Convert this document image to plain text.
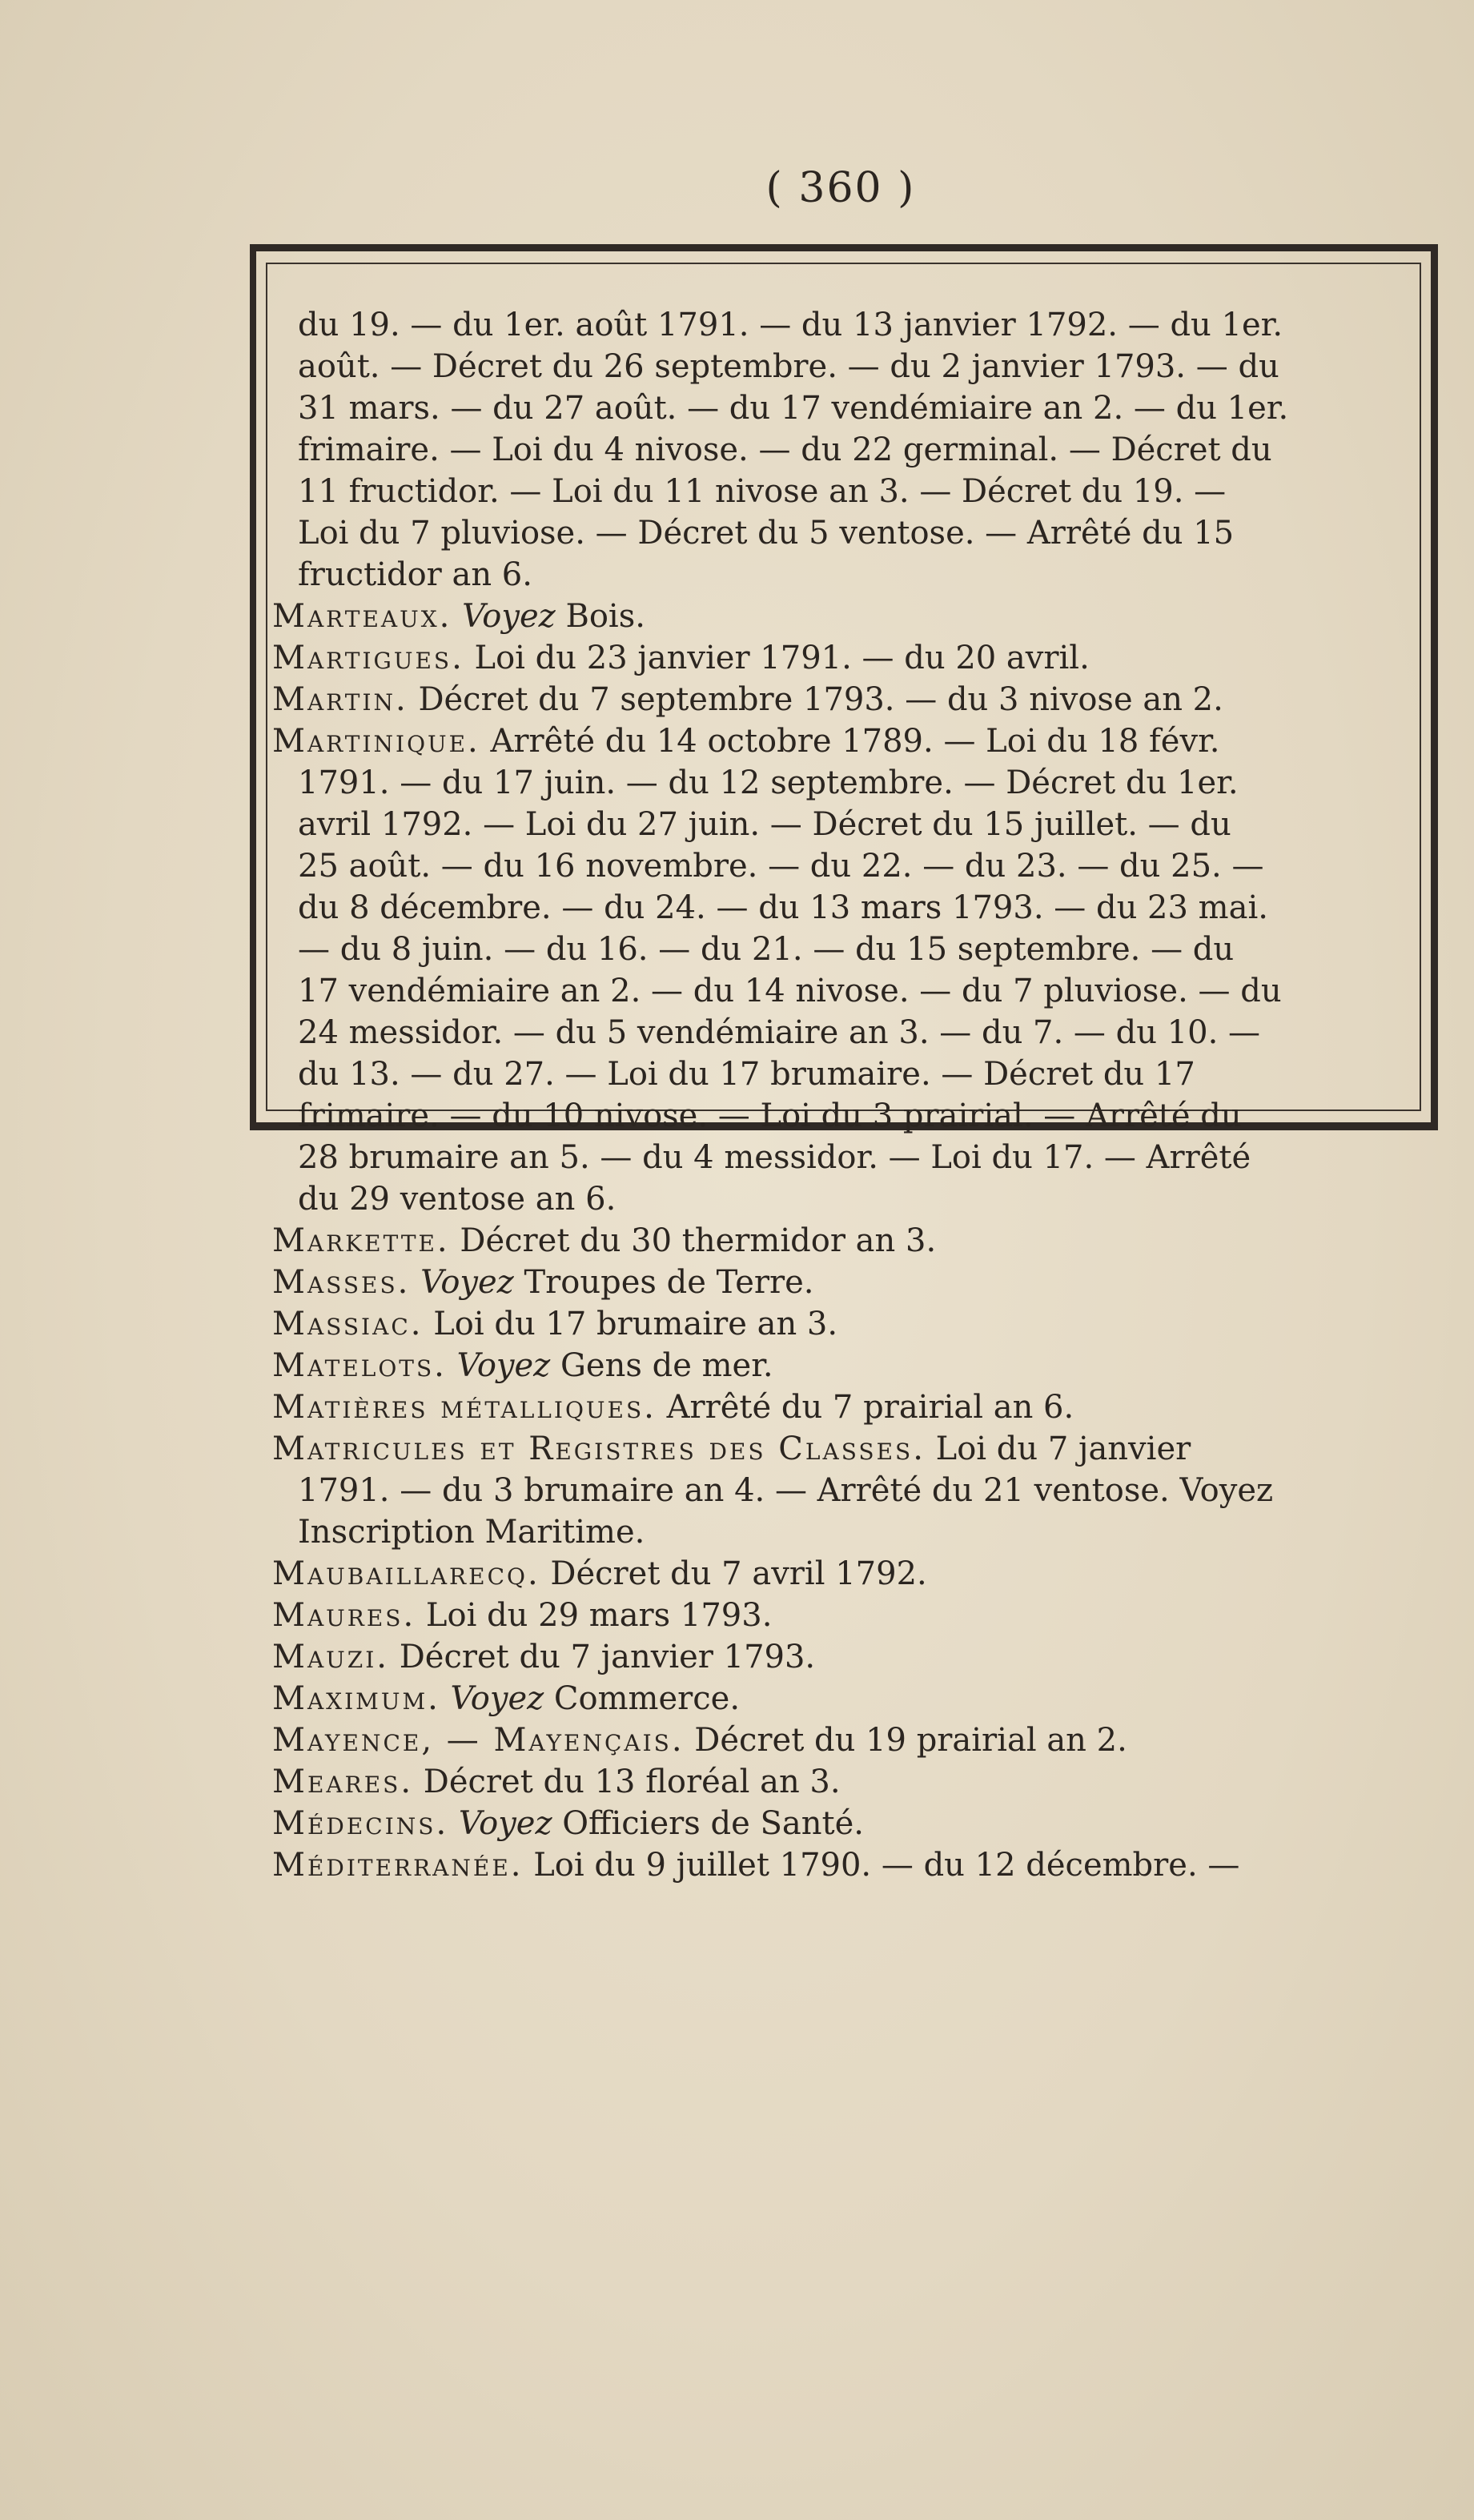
( 360 )
du 19. — du 1er. août 1791. — du 13 janvier 1792. — du 1er.
août. — Décret du 26 septembre. — du 2 janvier 1793. — du
31 mars. — du 27 août. — du 17 vendémiaire an 2. — du 1er.
frimaire. — Loi du 4 nivose. — du 22 germinal. — Décret du
11 fructidor. — Loi du 11 nivose an 3. — Décret du 19. —
Loi du 7 pluviose. — Décret du 5 ventose. — Arrêté du 15
fructidor an 6.
Marteaux. Voyez Bois.
Martigues. Loi du 23 janvier 1791. — du 20 avril.
Martin. Décret du 7 septembre 1793. — du 3 nivose an 2.
Martinique. Arrêté du 14 octobre 1789. — Loi du 18 févr.
1791. — du 17 juin. — du 12 septembre. — Décret du 1er.
avril 1792. — Loi du 27 juin. — Décret du 15 juillet. — du
25 août. — du 16 novembre. — du 22. — du 23. — du 25. —
du 8 décembre. — du 24. — du 13 mars 1793. — du 23 mai.
— du 8 juin. — du 16. — du 21. — du 15 septembre. — du
17 vendémiaire an 2. — du 14 nivose. — du 7 pluviose. — du
24 messidor. — du 5 vendémiaire an 3. — du 7. — du 10. —
du 13. — du 27. — Loi du 17 brumaire. — Décret du 17
frimaire. — du 10 nivose. — Loi du 3 prairial. — Arrêté du
28 brumaire an 5. — du 4 messidor. — Loi du 17. — Arrêté
du 29 ventose an 6.
Markette. Décret du 30 thermidor an 3.
Masses. Voyez Troupes de Terre.
Massiac. Loi du 17 brumaire an 3.
Matelots. Voyez Gens de mer.
Matières métalliques. Arrêté du 7 prairial an 6.
Matricules et Registres des Classes. Loi du 7 janvier
1791. — du 3 brumaire an 4. — Arrêté du 21 ventose. Voyez
Inscription Maritime.
Maubaillarecq. Décret du 7 avril 1792.
Maures. Loi du 29 mars 1793.
Mauzi. Décret du 7 janvier 1793.
Maximum. Voyez Commerce.
Mayence, — Mayençais. Décret du 19 prairial an 2.
Meares. Décret du 13 floréal an 3.
Médecins. Voyez Officiers de Santé.
Méditerranée. Loi du 9 juillet 1790. — du 12 décembre. —
